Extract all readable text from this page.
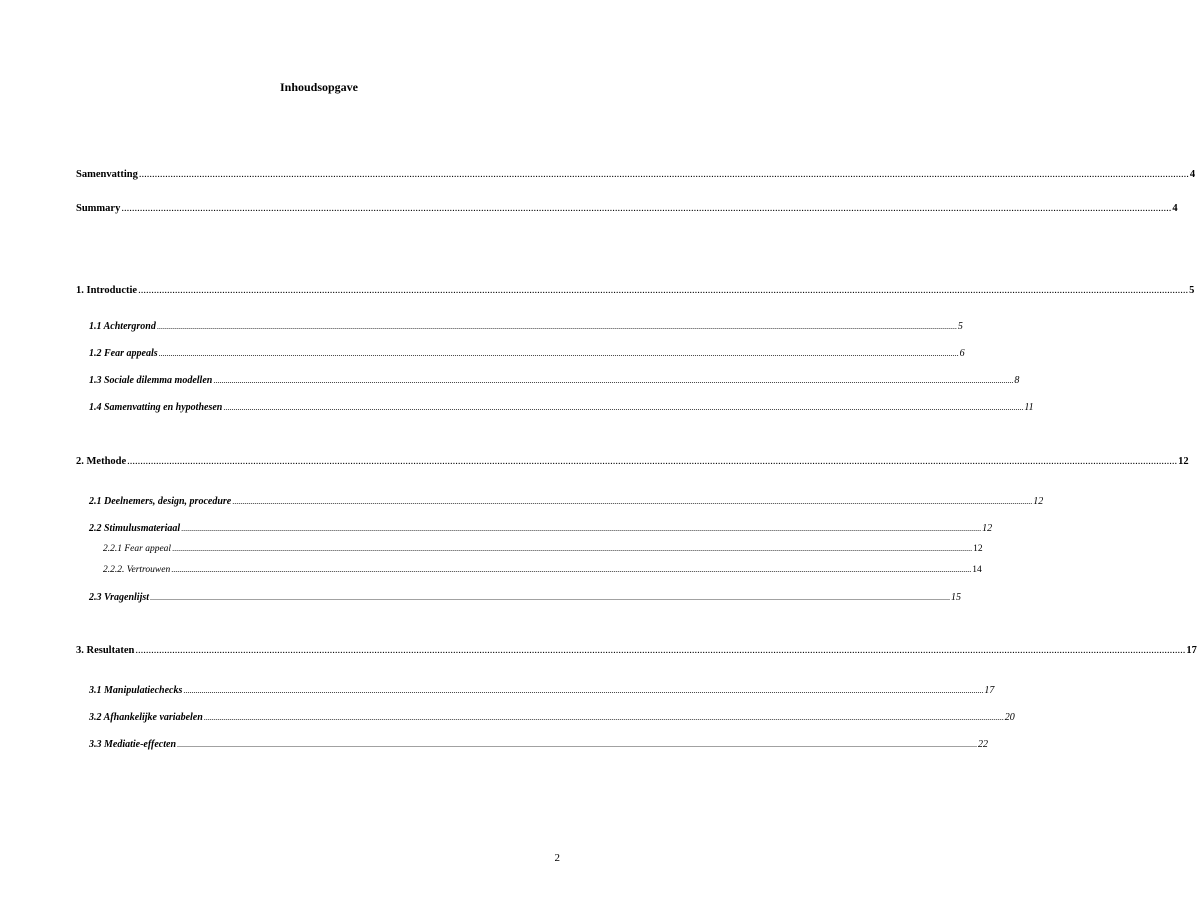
Inhoudsopgave
Samenvatting ................................................................................................................................................................................................................................................................................................................................................................................................................ 4
Summary ................................................................................................................................................................................................................................................................................................................................................................................................................ 4
1. Introductie ................................................................................................................................................................................................................................................................................................................................................................................................................ 5
1.1 Achtergrond ................................................................................................................................................................................................................................................................................................................................................................................................................ 5
1.2 Fear appeals ................................................................................................................................................................................................................................................................................................................................................................................................................ 6
1.3 Sociale dilemma modellen ................................................................................................................................................................................................................................................................................................................................................................................................................ 8
1.4 Samenvatting en hypothesen ................................................................................................................................................................................................................................................................................................................................................................................................................ 11
2. Methode ................................................................................................................................................................................................................................................................................................................................................................................................................ 12
2.1 Deelnemers, design, procedure ................................................................................................................................................................................................................................................................................................................................................................................................................ 12
2.2 Stimulusmateriaal ................................................................................................................................................................................................................................................................................................................................................................................................................ 12
2.2.1 Fear appeal ................................................................................................................................................................................................................................................................................................................................................................................................................ 12
2.2.2. Vertrouwen ................................................................................................................................................................................................................................................................................................................................................................................................................ 14
2.3 Vragenlijst ................................................................................................................................................................................................................................................................................................................................................................................................................ 15
3. Resultaten ................................................................................................................................................................................................................................................................................................................................................................................................................ 17
3.1 Manipulatiechecks ................................................................................................................................................................................................................................................................................................................................................................................................................ 17
3.2 Afhankelijke variabelen ................................................................................................................................................................................................................................................................................................................................................................................................................ 20
3.3 Mediatie-effecten ................................................................................................................................................................................................................................................................................................................................................................................................................ 22
2
